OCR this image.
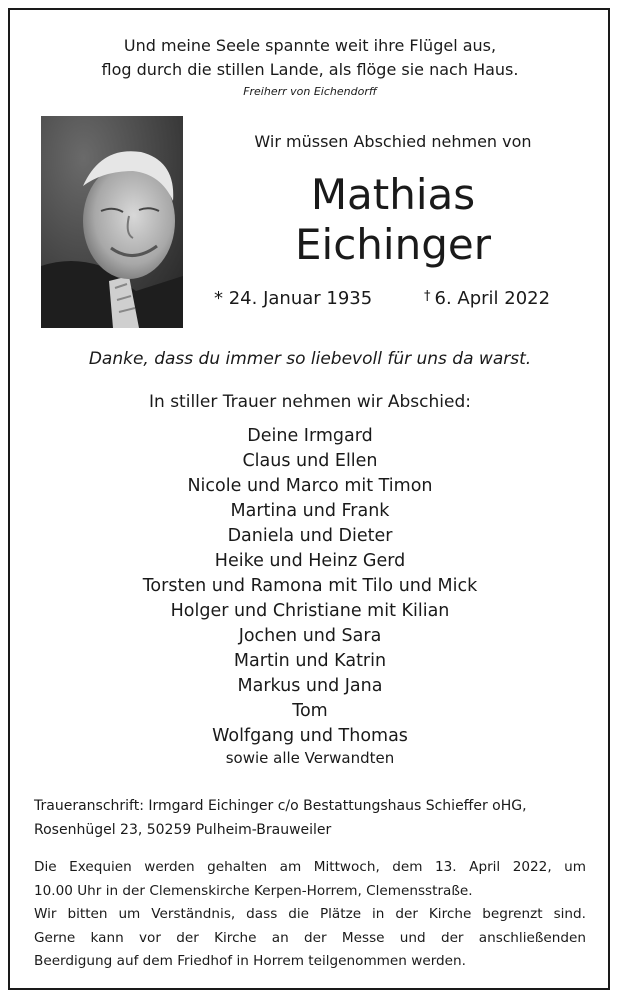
Und meine Seele spannte weit ihre Flügel aus,
flog durch die stillen Lande, als flöge sie nach Haus.
Freiherr von Eichendorff
Wir müssen Abschied nehmen von
Mathias
Eichinger
* 24. Januar 1935	† 6. April 2022
Danke, dass du immer so liebevoll für uns da warst.
In stiller Trauer nehmen wir Abschied:
Deine Irmgard
Claus und Ellen
Nicole und Marco mit Timon
Martina und Frank
Daniela und Dieter
Heike und Heinz Gerd
Torsten und Ramona mit Tilo und Mick
Holger und Christiane mit Kilian
Jochen und Sara
Martin und Katrin
Markus und Jana
Tom
Wolfgang und Thomas
sowie alle Verwandten
Traueranschrift: Irmgard Eichinger c/o Bestattungshaus Schieffer oHG,
Rosenhügel 23, 50259 Pulheim-Brauweiler
Die Exequien werden gehalten am Mittwoch, dem 13. April 2022, um
10.00 Uhr in der Clemenskirche Kerpen-Horrem, Clemensstraße.
Wir bitten um Verständnis, dass die Plätze in der Kirche begrenzt sind.
Gerne kann vor der Kirche an der Messe und der anschließenden
Beerdigung auf dem Friedhof in Horrem teilgenommen werden.
